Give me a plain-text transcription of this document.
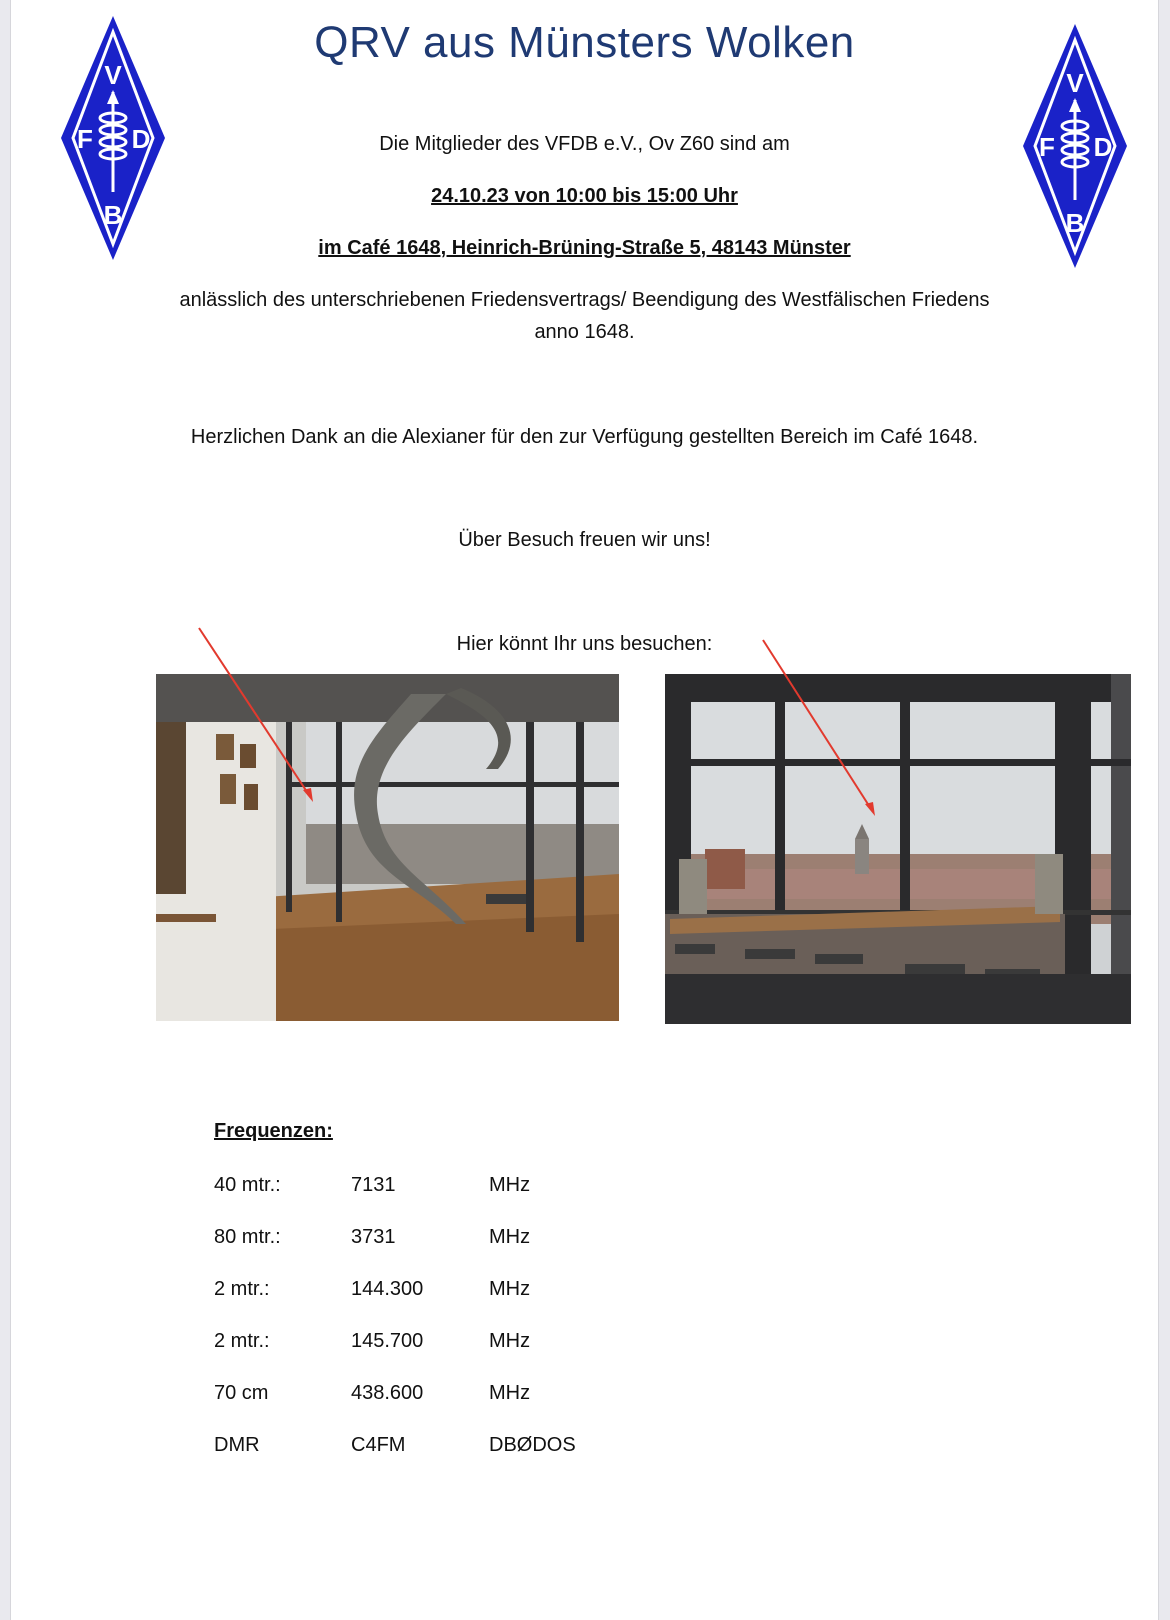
V
F D
B
V
F D
B
QRV aus Münsters Wolken
Die Mitglieder des VFDB e.V., Ov Z60 sind am
24.10.23 von 10:00 bis 15:00 Uhr
im Café 1648, Heinrich-Brüning-Straße 5, 48143 Münster
anlässlich des unterschriebenen Friedensvertrags/ Beendigung des Westfälischen Friedens
anno 1648.
Herzlichen Dank an die Alexianer für den zur Verfügung gestellten Bereich im Café 1648.
Über Besuch freuen wir uns!
Hier könnt Ihr uns besuchen:
Frequenzen:
40 mtr.:	7131	MHz
80 mtr.:	3731	MHz
2 mtr.:	144.300	MHz
2 mtr.:	145.700	MHz
70 cm	438.600	MHz
DMR	C4FM	DBØDOS
